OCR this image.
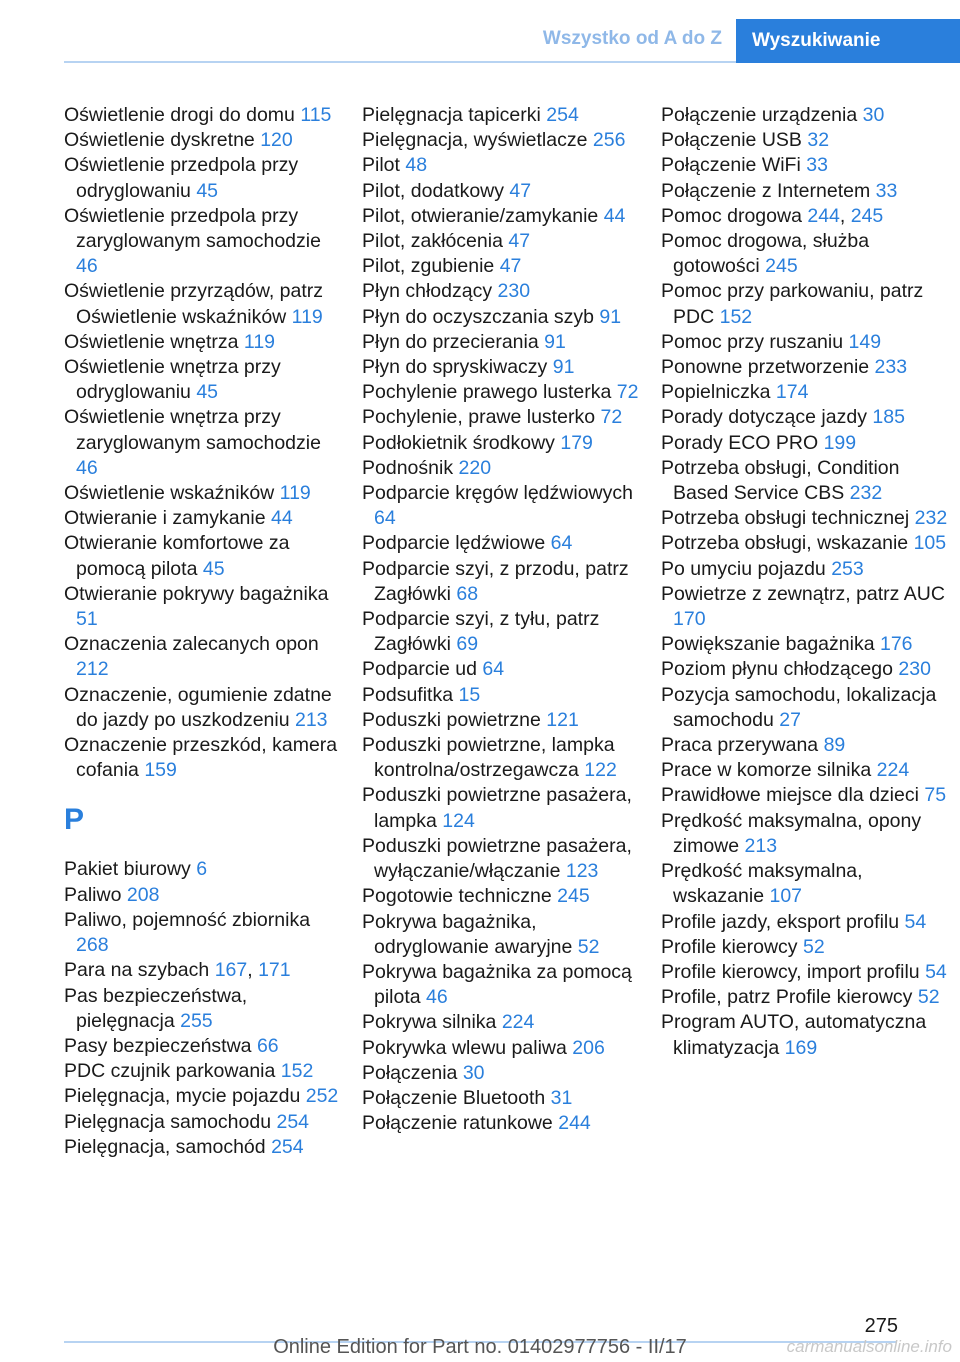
Wszystko od A do Z	Wyszukiwanie
Oświetlenie drogi do domu 115
Oświetlenie dyskretne 120
Oświetlenie przedpola przy odryglowaniu 45
Oświetlenie przedpola przy zaryglowanym samochodzie 46
Oświetlenie przyrządów, patrz Oświetlenie wskaźników 119
Oświetlenie wnętrza 119
Oświetlenie wnętrza przy odryglowaniu 45
Oświetlenie wnętrza przy zaryglowanym samochodzie 46
Oświetlenie wskaźników 119
Otwieranie i zamykanie 44
Otwieranie komfortowe za pomocą pilota 45
Otwieranie pokrywy bagażnika 51
Oznaczenia zalecanych opon 212
Oznaczenie, ogumienie zdatne do jazdy po uszkodzeniu 213
Oznaczenie przeszkód, kamera cofania 159
P
Pakiet biurowy 6
Paliwo 208
Paliwo, pojemność zbiornika 268
Para na szybach 167, 171
Pas bezpieczeństwa, pielęgnacja 255
Pasy bezpieczeństwa 66
PDC czujnik parkowania 152
Pielęgnacja, mycie pojazdu 252
Pielęgnacja samochodu 254
Pielęgnacja, samochód 254
Pielęgnacja tapicerki 254
Pielęgnacja, wyświetlacze 256
Pilot 48
Pilot, dodatkowy 47
Pilot, otwieranie/zamykanie 44
Pilot, zakłócenia 47
Pilot, zgubienie 47
Płyn chłodzący 230
Płyn do oczyszczania szyb 91
Płyn do przecierania 91
Płyn do spryskiwaczy 91
Pochylenie prawego lusterka 72
Pochylenie, prawe lusterko 72
Podłokietnik środkowy 179
Podnośnik 220
Podparcie kręgów lędźwiowych 64
Podparcie lędźwiowe 64
Podparcie szyi, z przodu, patrz Zagłówki 68
Podparcie szyi, z tyłu, patrz Zagłówki 69
Podparcie ud 64
Podsufitka 15
Poduszki powietrzne 121
Poduszki powietrzne, lampka kontrolna/ostrzegawcza 122
Poduszki powietrzne pasażera, lampka 124
Poduszki powietrzne pasażera, wyłączanie/włączanie 123
Pogotowie techniczne 245
Pokrywa bagażnika, odryglowanie awaryjne 52
Pokrywa bagażnika za pomocą pilota 46
Pokrywa silnika 224
Pokrywka wlewu paliwa 206
Połączenia 30
Połączenie Bluetooth 31
Połączenie ratunkowe 244
Połączenie urządzenia 30
Połączenie USB 32
Połączenie WiFi 33
Połączenie z Internetem 33
Pomoc drogowa 244, 245
Pomoc drogowa, służba gotowości 245
Pomoc przy parkowaniu, patrz PDC 152
Pomoc przy ruszaniu 149
Ponowne przetworzenie 233
Popielniczka 174
Porady dotyczące jazdy 185
Porady ECO PRO 199
Potrzeba obsługi, Condition Based Service CBS 232
Potrzeba obsługi technicznej 232
Potrzeba obsługi, wskazanie 105
Po umyciu pojazdu 253
Powietrze z zewnątrz, patrz AUC 170
Powiększanie bagażnika 176
Poziom płynu chłodzącego 230
Pozycja samochodu, lokalizacja samochodu 27
Praca przerywana 89
Prace w komorze silnika 224
Prawidłowe miejsce dla dzieci 75
Prędkość maksymalna, opony zimowe 213
Prędkość maksymalna, wskazanie 107
Profile jazdy, eksport profilu 54
Profile kierowcy 52
Profile kierowcy, import profilu 54
Profile, patrz Profile kierowcy 52
Program AUTO, automatyczna klimatyzacja 169
275
Online Edition for Part no. 01402977756 - II/17	carmanualsonline.info
